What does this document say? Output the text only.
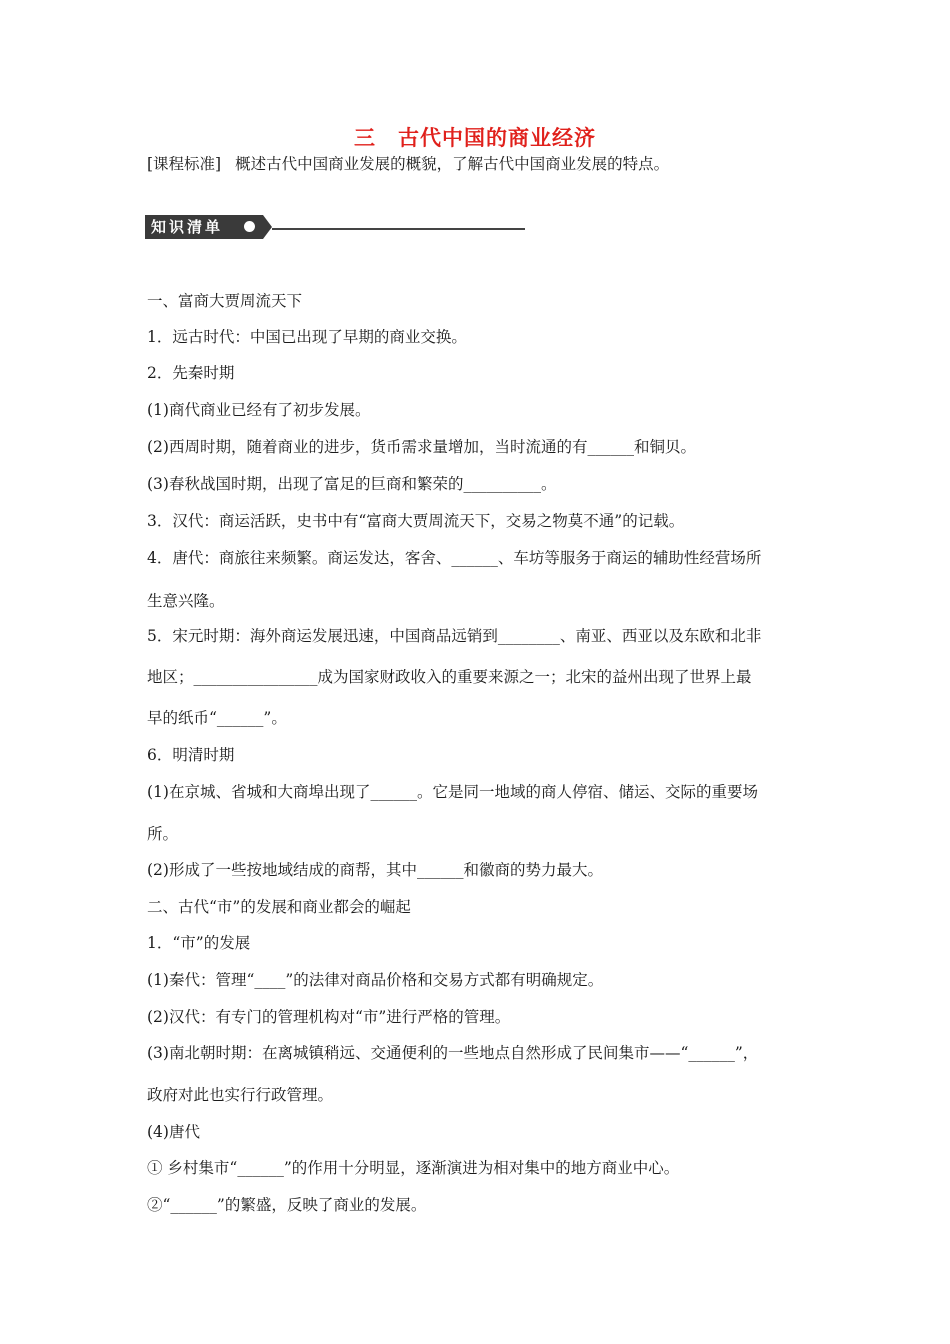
三 古代中国的商业经济
[课程标准] 概述古代中国商业发展的概貌，了解古代中国商业发展的特点。
知识清单
一、富商大贾周流天下
1．远古时代：中国已出现了早期的商业交换。
2．先秦时期
(1)商代商业已经有了初步发展。
(2)西周时期，随着商业的进步，货币需求量增加，当时流通的有______和铜贝。
(3)春秋战国时期，出现了富足的巨商和繁荣的__________。
3．汉代：商运活跃，史书中有“富商大贾周流天下，交易之物莫不通”的记载。
4．唐代：商旅往来频繁。商运发达，客舍、______、车坊等服务于商运的辅助性经营场所
生意兴隆。
5．宋元时期：海外商运发展迅速，中国商品远销到________、南亚、西亚以及东欧和北非
地区；________________成为国家财政收入的重要来源之一；北宋的益州出现了世界上最
早的纸币“______”。
6．明清时期
(1)在京城、省城和大商埠出现了______。它是同一地域的商人停宿、储运、交际的重要场
所。
(2)形成了一些按地域结成的商帮，其中______和徽商的势力最大。
二、古代“市”的发展和商业都会的崛起
1．“市”的发展
(1)秦代：管理“____”的法律对商品价格和交易方式都有明确规定。
(2)汉代：有专门的管理机构对“市”进行严格的管理。
(3)南北朝时期：在离城镇稍远、交通便利的一些地点自然形成了民间集市——“______”，
政府对此也实行行政管理。
(4)唐代
① 乡村集市“______”的作用十分明显，逐渐演进为相对集中的地方商业中心。
②“______”的繁盛，反映了商业的发展。
